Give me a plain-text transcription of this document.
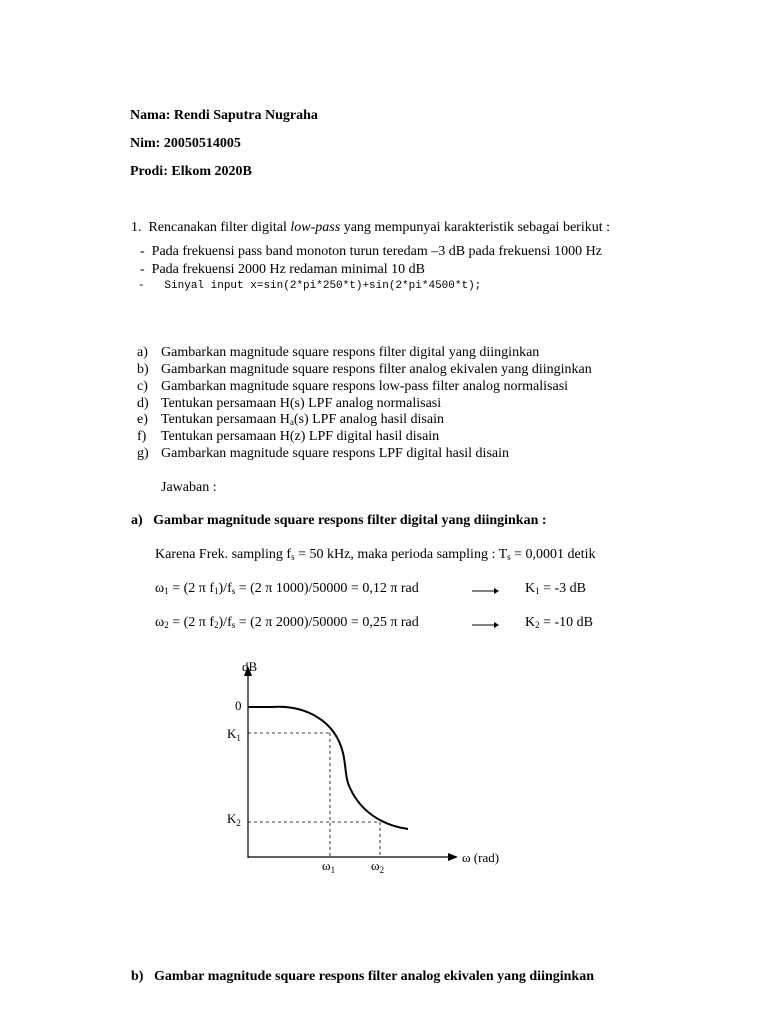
Nama: Rendi Saputra Nugraha
Nim: 20050514005
Prodi: Elkom 2020B
1. Rencanakan filter digital low-pass yang mempunyai karakteristik sebagai berikut :
- Pada frekuensi pass band monoton turun teredam –3 dB pada frekuensi 1000 Hz
- Pada frekuensi 2000 Hz redaman minimal 10 dB
- Sinyal input x=sin(2*pi*250*t)+sin(2*pi*4500*t);
a) Gambarkan magnitude square respons filter digital yang diinginkan
b) Gambarkan magnitude square respons filter analog ekivalen yang diinginkan
c) Gambarkan magnitude square respons low-pass filter analog normalisasi
d) Tentukan persamaan H(s) LPF analog normalisasi
e) Tentukan persamaan $H_a(s)$ LPF analog hasil disain
f) Tentukan persamaan H(z) LPF digital hasil disain
g) Gambarkan magnitude square respons LPF digital hasil disain
Jawaban :
a) Gambar magnitude square respons filter digital yang diinginkan :
Karena Frek. sampling $f_s = 50$ kHz, maka perioda sampling : $T_s = 0,0001$ detik
$\omega_1 = (2$ π $f_1)/f_s = (2$ π 1000)/50000 = 0,12 π rad	$K_1 = -3$ dB
$\omega_2 = (2$ π $f_2)/f_s = (2$ π 2000)/50000 = 0,25 π rad	$K_2 = -10$ dB
dB
0
$K_1$
$K_2$
$\omega_1$	$\omega_2$
ω (rad)
b) Gambar magnitude square respons filter analog ekivalen yang diinginkan
